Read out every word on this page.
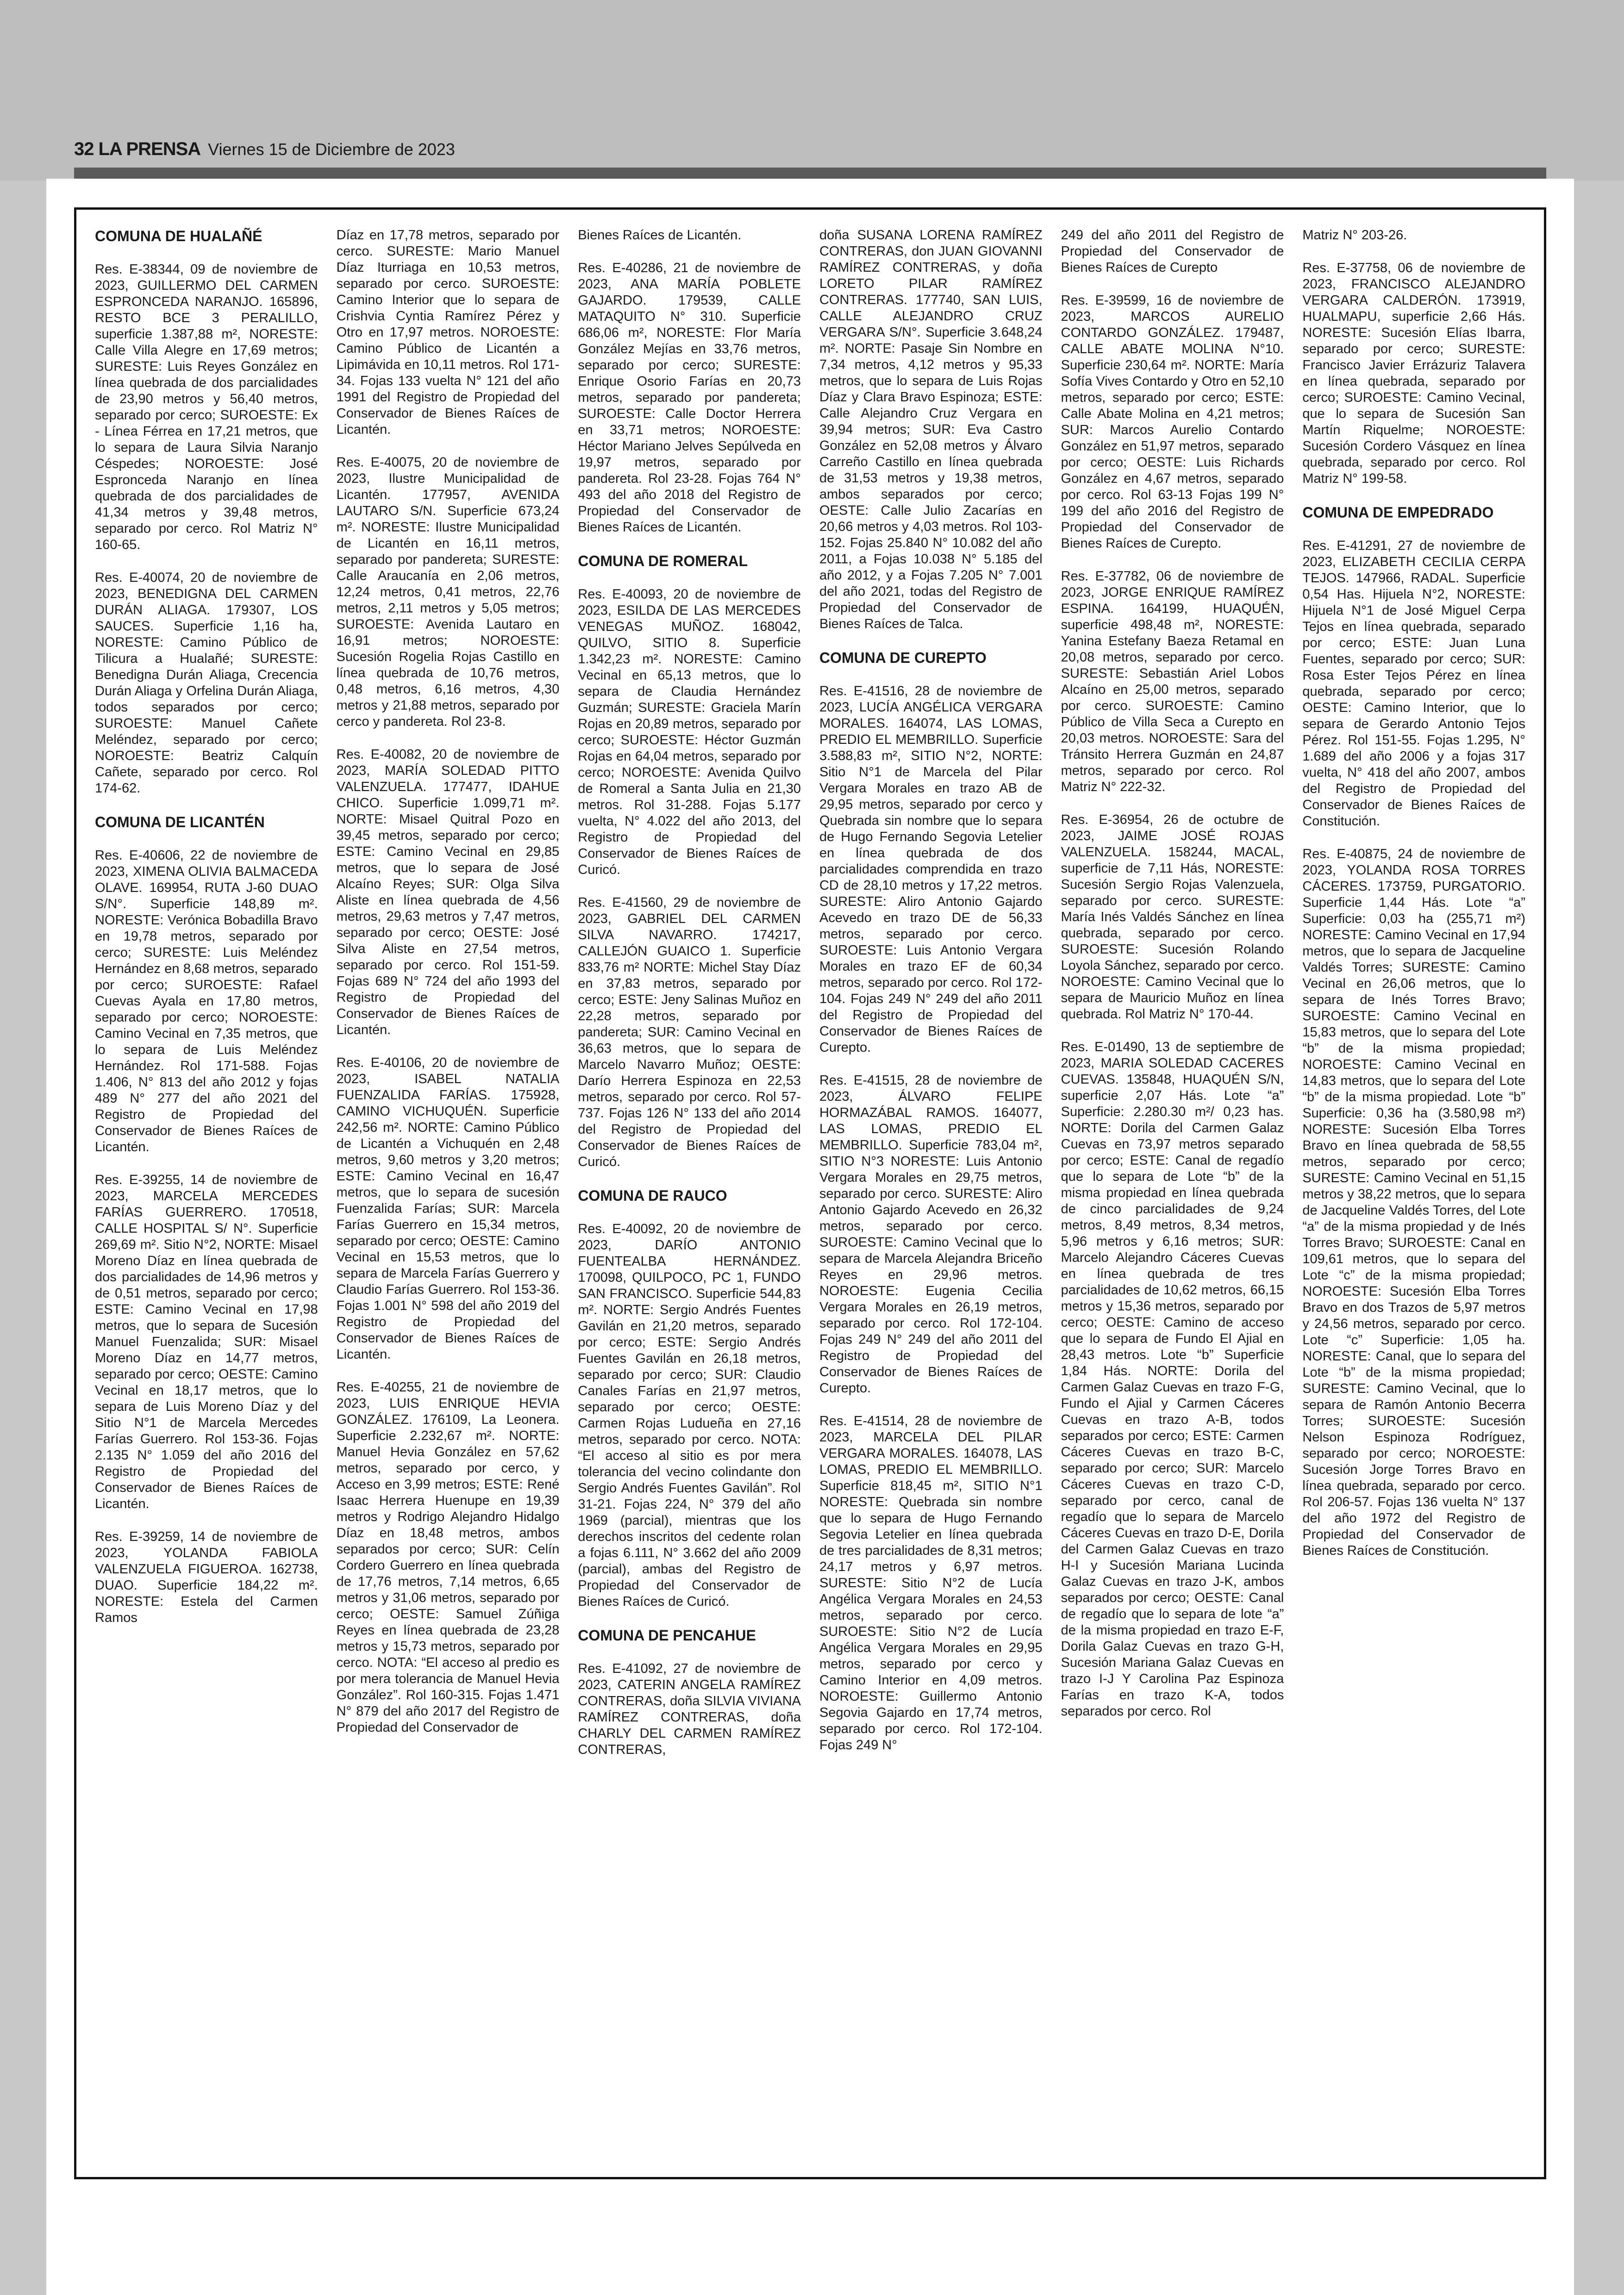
32 LA PRENSA Viernes 15 de Diciembre de 2023
COMUNA DE HUALAÑÉ

Res. E-38344, 09 de noviembre de 2023, GUILLERMO DEL CARMEN ESPRONCEDA NARANJO. 165896, RESTO BCE 3 PERALILLO, superficie 1.387,88 m², NORESTE: Calle Villa Alegre en 17,69 metros; SURESTE: Luis Reyes González en línea quebrada de dos parcialidades de 23,90 metros y 56,40 metros, separado por cerco; SUROESTE: Ex - Línea Férrea en 17,21 metros, que lo separa de Laura Silvia Naranjo Céspedes; NOROESTE: José Espronceda Naranjo en línea quebrada de dos parcialidades de 41,34 metros y 39,48 metros, separado por cerco. Rol Matriz N° 160-65.

Res. E-40074, 20 de noviembre de 2023, BENEDIGNA DEL CARMEN DURÁN ALIAGA. 179307, LOS SAUCES. Superficie 1,16 ha, NORESTE: Camino Público de Tilicura a Hualañé; SURESTE: Benedigna Durán Aliaga, Crecencia Durán Aliaga y Orfelina Durán Aliaga, todos separados por cerco; SUROESTE: Manuel Cañete Meléndez, separado por cerco; NOROESTE: Beatriz Calquín Cañete, separado por cerco. Rol 174-62.

COMUNA DE LICANTÉN

Res. E-40606, 22 de noviembre de 2023, XIMENA OLIVIA BALMACEDA OLAVE. 169954, RUTA J-60 DUAO S/N°. Superficie 148,89 m². NORESTE: Verónica Bobadilla Bravo en 19,78 metros, separado por cerco; SURESTE: Luis Meléndez Hernández en 8,68 metros, separado por cerco; SUROESTE: Rafael Cuevas Ayala en 17,80 metros, separado por cerco; NOROESTE: Camino Vecinal en 7,35 metros, que lo separa de Luis Meléndez Hernández. Rol 171-588. Fojas 1.406, N° 813 del año 2012 y fojas 489 N° 277 del año 2021 del Registro de Propiedad del Conservador de Bienes Raíces de Licantén.

Res. E-39255, 14 de noviembre de 2023, MARCELA MERCEDES FARÍAS GUERRERO. 170518, CALLE HOSPITAL S/ N°. Superficie 269,69 m². Sitio N°2, NORTE: Misael Moreno Díaz en línea quebrada de dos parcialidades de 14,96 metros y de 0,51 metros, separado por cerco; ESTE: Camino Vecinal en 17,98 metros, que lo separa de Sucesión Manuel Fuenzalida; SUR: Misael Moreno Díaz en 14,77 metros, separado por cerco; OESTE: Camino Vecinal en 18,17 metros, que lo separa de Luis Moreno Díaz y del Sitio N°1 de Marcela Mercedes Farías Guerrero. Rol 153-36. Fojas 2.135 N° 1.059 del año 2016 del Registro de Propiedad del Conservador de Bienes Raíces de Licantén.

Res. E-39259, 14 de noviembre de 2023, YOLANDA FABIOLA VALENZUELA FIGUEROA. 162738, DUAO. Superficie 184,22 m². NORESTE: Estela del Carmen Ramos

Díaz en 17,78 metros, separado por cerco. SURESTE: Mario Manuel Díaz Iturriaga en 10,53 metros, separado por cerco. SUROESTE: Camino Interior que lo separa de Crishvia Cyntia Ramírez Pérez y Otro en 17,97 metros. NOROESTE: Camino Público de Licantén a Lipimávida en 10,11 metros. Rol 171-34. Fojas 133 vuelta N° 121 del año 1991 del Registro de Propiedad del Conservador de Bienes Raíces de Licantén.

Res. E-40075, 20 de noviembre de 2023, Ilustre Municipalidad de Licantén. 177957, AVENIDA LAUTARO S/N. Superficie 673,24 m². NORESTE: Ilustre Municipalidad de Licantén en 16,11 metros, separado por pandereta; SURESTE: Calle Araucanía en 2,06 metros, 12,24 metros, 0,41 metros, 22,76 metros, 2,11 metros y 5,05 metros; SUROESTE: Avenida Lautaro en 16,91 metros; NOROESTE: Sucesión Rogelia Rojas Castillo en línea quebrada de 10,76 metros, 0,48 metros, 6,16 metros, 4,30 metros y 21,88 metros, separado por cerco y pandereta. Rol 23-8.

Res. E-40082, 20 de noviembre de 2023, MARÍA SOLEDAD PITTO VALENZUELA. 177477, IDAHUE CHICO. Superficie 1.099,71 m². NORTE: Misael Quitral Pozo en 39,45 metros, separado por cerco; ESTE: Camino Vecinal en 29,85 metros, que lo separa de José Alcaíno Reyes; SUR: Olga Silva Aliste en línea quebrada de 4,56 metros, 29,63 metros y 7,47 metros, separado por cerco; OESTE: José Silva Aliste en 27,54 metros, separado por cerco. Rol 151-59. Fojas 689 N° 724 del año 1993 del Registro de Propiedad del Conservador de Bienes Raíces de Licantén.

Res. E-40106, 20 de noviembre de 2023, ISABEL NATALIA FUENZALIDA FARÍAS. 175928, CAMINO VICHUQUÉN. Superficie 242,56 m². NORTE: Camino Público de Licantén a Vichuquén en 2,48 metros, 9,60 metros y 3,20 metros; ESTE: Camino Vecinal en 16,47 metros, que lo separa de sucesión Fuenzalida Farías; SUR: Marcela Farías Guerrero en 15,34 metros, separado por cerco; OESTE: Camino Vecinal en 15,53 metros, que lo separa de Marcela Farías Guerrero y Claudio Farías Guerrero. Rol 153-36. Fojas 1.001 N° 598 del año 2019 del Registro de Propiedad del Conservador de Bienes Raíces de Licantén.

Res. E-40255, 21 de noviembre de 2023, LUIS ENRIQUE HEVIA GONZÁLEZ. 176109, La Leonera. Superficie 2.232,67 m². NORTE: Manuel Hevia González en 57,62 metros, separado por cerco, y Acceso en 3,99 metros; ESTE: René Isaac Herrera Huenupe en 19,39 metros y Rodrigo Alejandro Hidalgo Díaz en 18,48 metros, ambos separados por cerco; SUR: Celín Cordero Guerrero en línea quebrada de 17,76 metros, 7,14 metros, 6,65 metros y 31,06 metros, separado por cerco; OESTE: Samuel Zúñiga Reyes en línea quebrada de 23,28 metros y 15,73 metros, separado por cerco. NOTA: “El acceso al predio es por mera tolerancia de Manuel Hevia González”. Rol 160-315. Fojas 1.471 N° 879 del año 2017 del Registro de Propiedad del Conservador de

Bienes Raíces de Licantén.

Res. E-40286, 21 de noviembre de 2023, ANA MARÍA POBLETE GAJARDO. 179539, CALLE MATAQUITO N° 310. Superficie 686,06 m², NORESTE: Flor María González Mejías en 33,76 metros, separado por cerco; SURESTE: Enrique Osorio Farías en 20,73 metros, separado por pandereta; SUROESTE: Calle Doctor Herrera en 33,71 metros; NOROESTE: Héctor Mariano Jelves Sepúlveda en 19,97 metros, separado por pandereta. Rol 23-28. Fojas 764 N° 493 del año 2018 del Registro de Propiedad del Conservador de Bienes Raíces de Licantén.

COMUNA DE ROMERAL

Res. E-40093, 20 de noviembre de 2023, ESILDA DE LAS MERCEDES VENEGAS MUÑOZ. 168042, QUILVO, SITIO 8. Superficie 1.342,23 m². NORESTE: Camino Vecinal en 65,13 metros, que lo separa de Claudia Hernández Guzmán; SURESTE: Graciela Marín Rojas en 20,89 metros, separado por cerco; SUROESTE: Héctor Guzmán Rojas en 64,04 metros, separado por cerco; NOROESTE: Avenida Quilvo de Romeral a Santa Julia en 21,30 metros. Rol 31-288. Fojas 5.177 vuelta, N° 4.022 del año 2013, del Registro de Propiedad del Conservador de Bienes Raíces de Curicó.

Res. E-41560, 29 de noviembre de 2023, GABRIEL DEL CARMEN SILVA NAVARRO. 174217, CALLEJÓN GUAICO 1. Superficie 833,76 m² NORTE: Michel Stay Díaz en 37,83 metros, separado por cerco; ESTE: Jeny Salinas Muñoz en 22,28 metros, separado por pandereta; SUR: Camino Vecinal en 36,63 metros, que lo separa de Marcelo Navarro Muñoz; OESTE: Darío Herrera Espinoza en 22,53 metros, separado por cerco. Rol 57-737. Fojas 126 N° 133 del año 2014 del Registro de Propiedad del Conservador de Bienes Raíces de Curicó.

COMUNA DE RAUCO

Res. E-40092, 20 de noviembre de 2023, DARÍO ANTONIO FUENTEALBA HERNÁNDEZ. 170098, QUILPOCO, PC 1, FUNDO SAN FRANCISCO. Superficie 544,83 m². NORTE: Sergio Andrés Fuentes Gavilán en 21,20 metros, separado por cerco; ESTE: Sergio Andrés Fuentes Gavilán en 26,18 metros, separado por cerco; SUR: Claudio Canales Farías en 21,97 metros, separado por cerco; OESTE: Carmen Rojas Ludueña en 27,16 metros, separado por cerco. NOTA: “El acceso al sitio es por mera tolerancia del vecino colindante don Sergio Andrés Fuentes Gavilán”. Rol 31-21. Fojas 224, N° 379 del año 1969 (parcial), mientras que los derechos inscritos del cedente rolan a fojas 6.111, N° 3.662 del año 2009 (parcial), ambas del Registro de Propiedad del Conservador de Bienes Raíces de Curicó.

COMUNA DE PENCAHUE

Res. E-41092, 27 de noviembre de 2023, CATERIN ANGELA RAMÍREZ CONTRERAS, doña SILVIA VIVIANA RAMÍREZ CONTRERAS, doña CHARLY DEL CARMEN RAMÍREZ CONTRERAS,

doña SUSANA LORENA RAMÍREZ CONTRERAS, don JUAN GIOVANNI RAMÍREZ CONTRERAS, y doña LORETO PILAR RAMÍREZ CONTRERAS. 177740, SAN LUIS, CALLE ALEJANDRO CRUZ VERGARA S/N°. Superficie 3.648,24 m². NORTE: Pasaje Sin Nombre en 7,34 metros, 4,12 metros y 95,33 metros, que lo separa de Luis Rojas Díaz y Clara Bravo Espinoza; ESTE: Calle Alejandro Cruz Vergara en 39,94 metros; SUR: Eva Castro González en 52,08 metros y Álvaro Carreño Castillo en línea quebrada de 31,53 metros y 19,38 metros, ambos separados por cerco; OESTE: Calle Julio Zacarías en 20,66 metros y 4,03 metros. Rol 103-152. Fojas 25.840 N° 10.082 del año 2011, a Fojas 10.038 N° 5.185 del año 2012, y a Fojas 7.205 N° 7.001 del año 2021, todas del Registro de Propiedad del Conservador de Bienes Raíces de Talca.

COMUNA DE CUREPTO

Res. E-41516, 28 de noviembre de 2023, LUCÍA ANGÉLICA VERGARA MORALES. 164074, LAS LOMAS, PREDIO EL MEMBRILLO. Superficie 3.588,83 m², SITIO N°2, NORTE: Sitio N°1 de Marcela del Pilar Vergara Morales en trazo AB de 29,95 metros, separado por cerco y Quebrada sin nombre que lo separa de Hugo Fernando Segovia Letelier en línea quebrada de dos parcialidades comprendida en trazo CD de 28,10 metros y 17,22 metros. SURESTE: Aliro Antonio Gajardo Acevedo en trazo DE de 56,33 metros, separado por cerco. SUROESTE: Luis Antonio Vergara Morales en trazo EF de 60,34 metros, separado por cerco. Rol 172-104. Fojas 249 N° 249 del año 2011 del Registro de Propiedad del Conservador de Bienes Raíces de Curepto.

Res. E-41515, 28 de noviembre de 2023, ÁLVARO FELIPE HORMAZÁBAL RAMOS. 164077, LAS LOMAS, PREDIO EL MEMBRILLO. Superficie 783,04 m², SITIO N°3 NORESTE: Luis Antonio Vergara Morales en 29,75 metros, separado por cerco. SURESTE: Aliro Antonio Gajardo Acevedo en 26,32 metros, separado por cerco. SUROESTE: Camino Vecinal que lo separa de Marcela Alejandra Briceño Reyes en 29,96 metros. NOROESTE: Eugenia Cecilia Vergara Morales en 26,19 metros, separado por cerco. Rol 172-104. Fojas 249 N° 249 del año 2011 del Registro de Propiedad del Conservador de Bienes Raíces de Curepto.

Res. E-41514, 28 de noviembre de 2023, MARCELA DEL PILAR VERGARA MORALES. 164078, LAS LOMAS, PREDIO EL MEMBRILLO. Superficie 818,45 m², SITIO N°1 NORESTE: Quebrada sin nombre que lo separa de Hugo Fernando Segovia Letelier en línea quebrada de tres parcialidades de 8,31 metros; 24,17 metros y 6,97 metros. SURESTE: Sitio N°2 de Lucía Angélica Vergara Morales en 24,53 metros, separado por cerco. SUROESTE: Sitio N°2 de Lucía Angélica Vergara Morales en 29,95 metros, separado por cerco y Camino Interior en 4,09 metros. NOROESTE: Guillermo Antonio Segovia Gajardo en 17,74 metros, separado por cerco. Rol 172-104. Fojas 249 N°

249 del año 2011 del Registro de Propiedad del Conservador de Bienes Raíces de Curepto

Res. E-39599, 16 de noviembre de 2023, MARCOS AURELIO CONTARDO GONZÁLEZ. 179487, CALLE ABATE MOLINA N°10. Superficie 230,64 m². NORTE: María Sofía Vives Contardo y Otro en 52,10 metros, separado por cerco; ESTE: Calle Abate Molina en 4,21 metros; SUR: Marcos Aurelio Contardo González en 51,97 metros, separado por cerco; OESTE: Luis Richards González en 4,67 metros, separado por cerco. Rol 63-13 Fojas 199 N° 199 del año 2016 del Registro de Propiedad del Conservador de Bienes Raíces de Curepto.

Res. E-37782, 06 de noviembre de 2023, JORGE ENRIQUE RAMÍREZ ESPINA. 164199, HUAQUÉN, superficie 498,48 m², NORESTE: Yanina Estefany Baeza Retamal en 20,08 metros, separado por cerco. SURESTE: Sebastián Ariel Lobos Alcaíno en 25,00 metros, separado por cerco. SUROESTE: Camino Público de Villa Seca a Curepto en 20,03 metros. NOROESTE: Sara del Tránsito Herrera Guzmán en 24,87 metros, separado por cerco. Rol Matriz N° 222-32.

Res. E-36954, 26 de octubre de 2023, JAIME JOSÉ ROJAS VALENZUELA. 158244, MACAL, superficie de 7,11 Hás, NORESTE: Sucesión Sergio Rojas Valenzuela, separado por cerco. SURESTE: María Inés Valdés Sánchez en línea quebrada, separado por cerco. SUROESTE: Sucesión Rolando Loyola Sánchez, separado por cerco. NOROESTE: Camino Vecinal que lo separa de Mauricio Muñoz en línea quebrada. Rol Matriz N° 170-44.

Res. E-01490, 13 de septiembre de 2023, MARIA SOLEDAD CACERES CUEVAS. 135848, HUAQUÉN S/N, superficie 2,07 Hás. Lote “a” Superficie: 2.280.30 m²/ 0,23 has. NORTE: Dorila del Carmen Galaz Cuevas en 73,97 metros separado por cerco; ESTE: Canal de regadío que lo separa de Lote “b” de la misma propiedad en línea quebrada de cinco parcialidades de 9,24 metros, 8,49 metros, 8,34 metros, 5,96 metros y 6,16 metros; SUR: Marcelo Alejandro Cáceres Cuevas en línea quebrada de tres parcialidades de 10,62 metros, 66,15 metros y 15,36 metros, separado por cerco; OESTE: Camino de acceso que lo separa de Fundo El Ajial en 28,43 metros. Lote “b” Superficie 1,84 Hás. NORTE: Dorila del Carmen Galaz Cuevas en trazo F-G, Fundo el Ajial y Carmen Cáceres Cuevas en trazo A-B, todos separados por cerco; ESTE: Carmen Cáceres Cuevas en trazo B-C, separado por cerco; SUR: Marcelo Cáceres Cuevas en trazo C-D, separado por cerco, canal de regadío que lo separa de Marcelo Cáceres Cuevas en trazo D-E, Dorila del Carmen Galaz Cuevas en trazo H-I y Sucesión Mariana Lucinda Galaz Cuevas en trazo J-K, ambos separados por cerco; OESTE: Canal de regadío que lo separa de lote “a” de la misma propiedad en trazo E-F, Dorila Galaz Cuevas en trazo G-H, Sucesión Mariana Galaz Cuevas en trazo I-J Y Carolina Paz Espinoza Farías en trazo K-A, todos separados por cerco. Rol

Matriz N° 203-26.

Res. E-37758, 06 de noviembre de 2023, FRANCISCO ALEJANDRO VERGARA CALDERÓN. 173919, HUALMAPU, superficie 2,66 Hás. NORESTE: Sucesión Elías Ibarra, separado por cerco; SURESTE: Francisco Javier Errázuriz Talavera en línea quebrada, separado por cerco; SUROESTE: Camino Vecinal, que lo separa de Sucesión San Martín Riquelme; NOROESTE: Sucesión Cordero Vásquez en línea quebrada, separado por cerco. Rol Matriz N° 199-58.

COMUNA DE EMPEDRADO

Res. E-41291, 27 de noviembre de 2023, ELIZABETH CECILIA CERPA TEJOS. 147966, RADAL. Superficie 0,54 Has. Hijuela N°2, NORESTE: Hijuela N°1 de José Miguel Cerpa Tejos en línea quebrada, separado por cerco; ESTE: Juan Luna Fuentes, separado por cerco; SUR: Rosa Ester Tejos Pérez en línea quebrada, separado por cerco; OESTE: Camino Interior, que lo separa de Gerardo Antonio Tejos Pérez. Rol 151-55. Fojas 1.295, N° 1.689 del año 2006 y a fojas 317 vuelta, N° 418 del año 2007, ambos del Registro de Propiedad del Conservador de Bienes Raíces de Constitución.

Res. E-40875, 24 de noviembre de 2023, YOLANDA ROSA TORRES CÁCERES. 173759, PURGATORIO. Superficie 1,44 Hás. Lote “a” Superficie: 0,03 ha (255,71 m²) NORESTE: Camino Vecinal en 17,94 metros, que lo separa de Jacqueline Valdés Torres; SURESTE: Camino Vecinal en 26,06 metros, que lo separa de Inés Torres Bravo; SUROESTE: Camino Vecinal en 15,83 metros, que lo separa del Lote “b” de la misma propiedad; NOROESTE: Camino Vecinal en 14,83 metros, que lo separa del Lote “b” de la misma propiedad. Lote “b” Superficie: 0,36 ha (3.580,98 m²) NORESTE: Sucesión Elba Torres Bravo en línea quebrada de 58,55 metros, separado por cerco; SURESTE: Camino Vecinal en 51,15 metros y 38,22 metros, que lo separa de Jacqueline Valdés Torres, del Lote “a” de la misma propiedad y de Inés Torres Bravo; SUROESTE: Canal en 109,61 metros, que lo separa del Lote “c” de la misma propiedad; NOROESTE: Sucesión Elba Torres Bravo en dos Trazos de 5,97 metros y 24,56 metros, separado por cerco. Lote “c” Superficie: 1,05 ha. NORESTE: Canal, que lo separa del Lote “b” de la misma propiedad; SURESTE: Camino Vecinal, que lo separa de Ramón Antonio Becerra Torres; SUROESTE: Sucesión Nelson Espinoza Rodríguez, separado por cerco; NOROESTE: Sucesión Jorge Torres Bravo en línea quebrada, separado por cerco. Rol 206-57. Fojas 136 vuelta N° 137 del año 1972 del Registro de Propiedad del Conservador de Bienes Raíces de Constitución.
